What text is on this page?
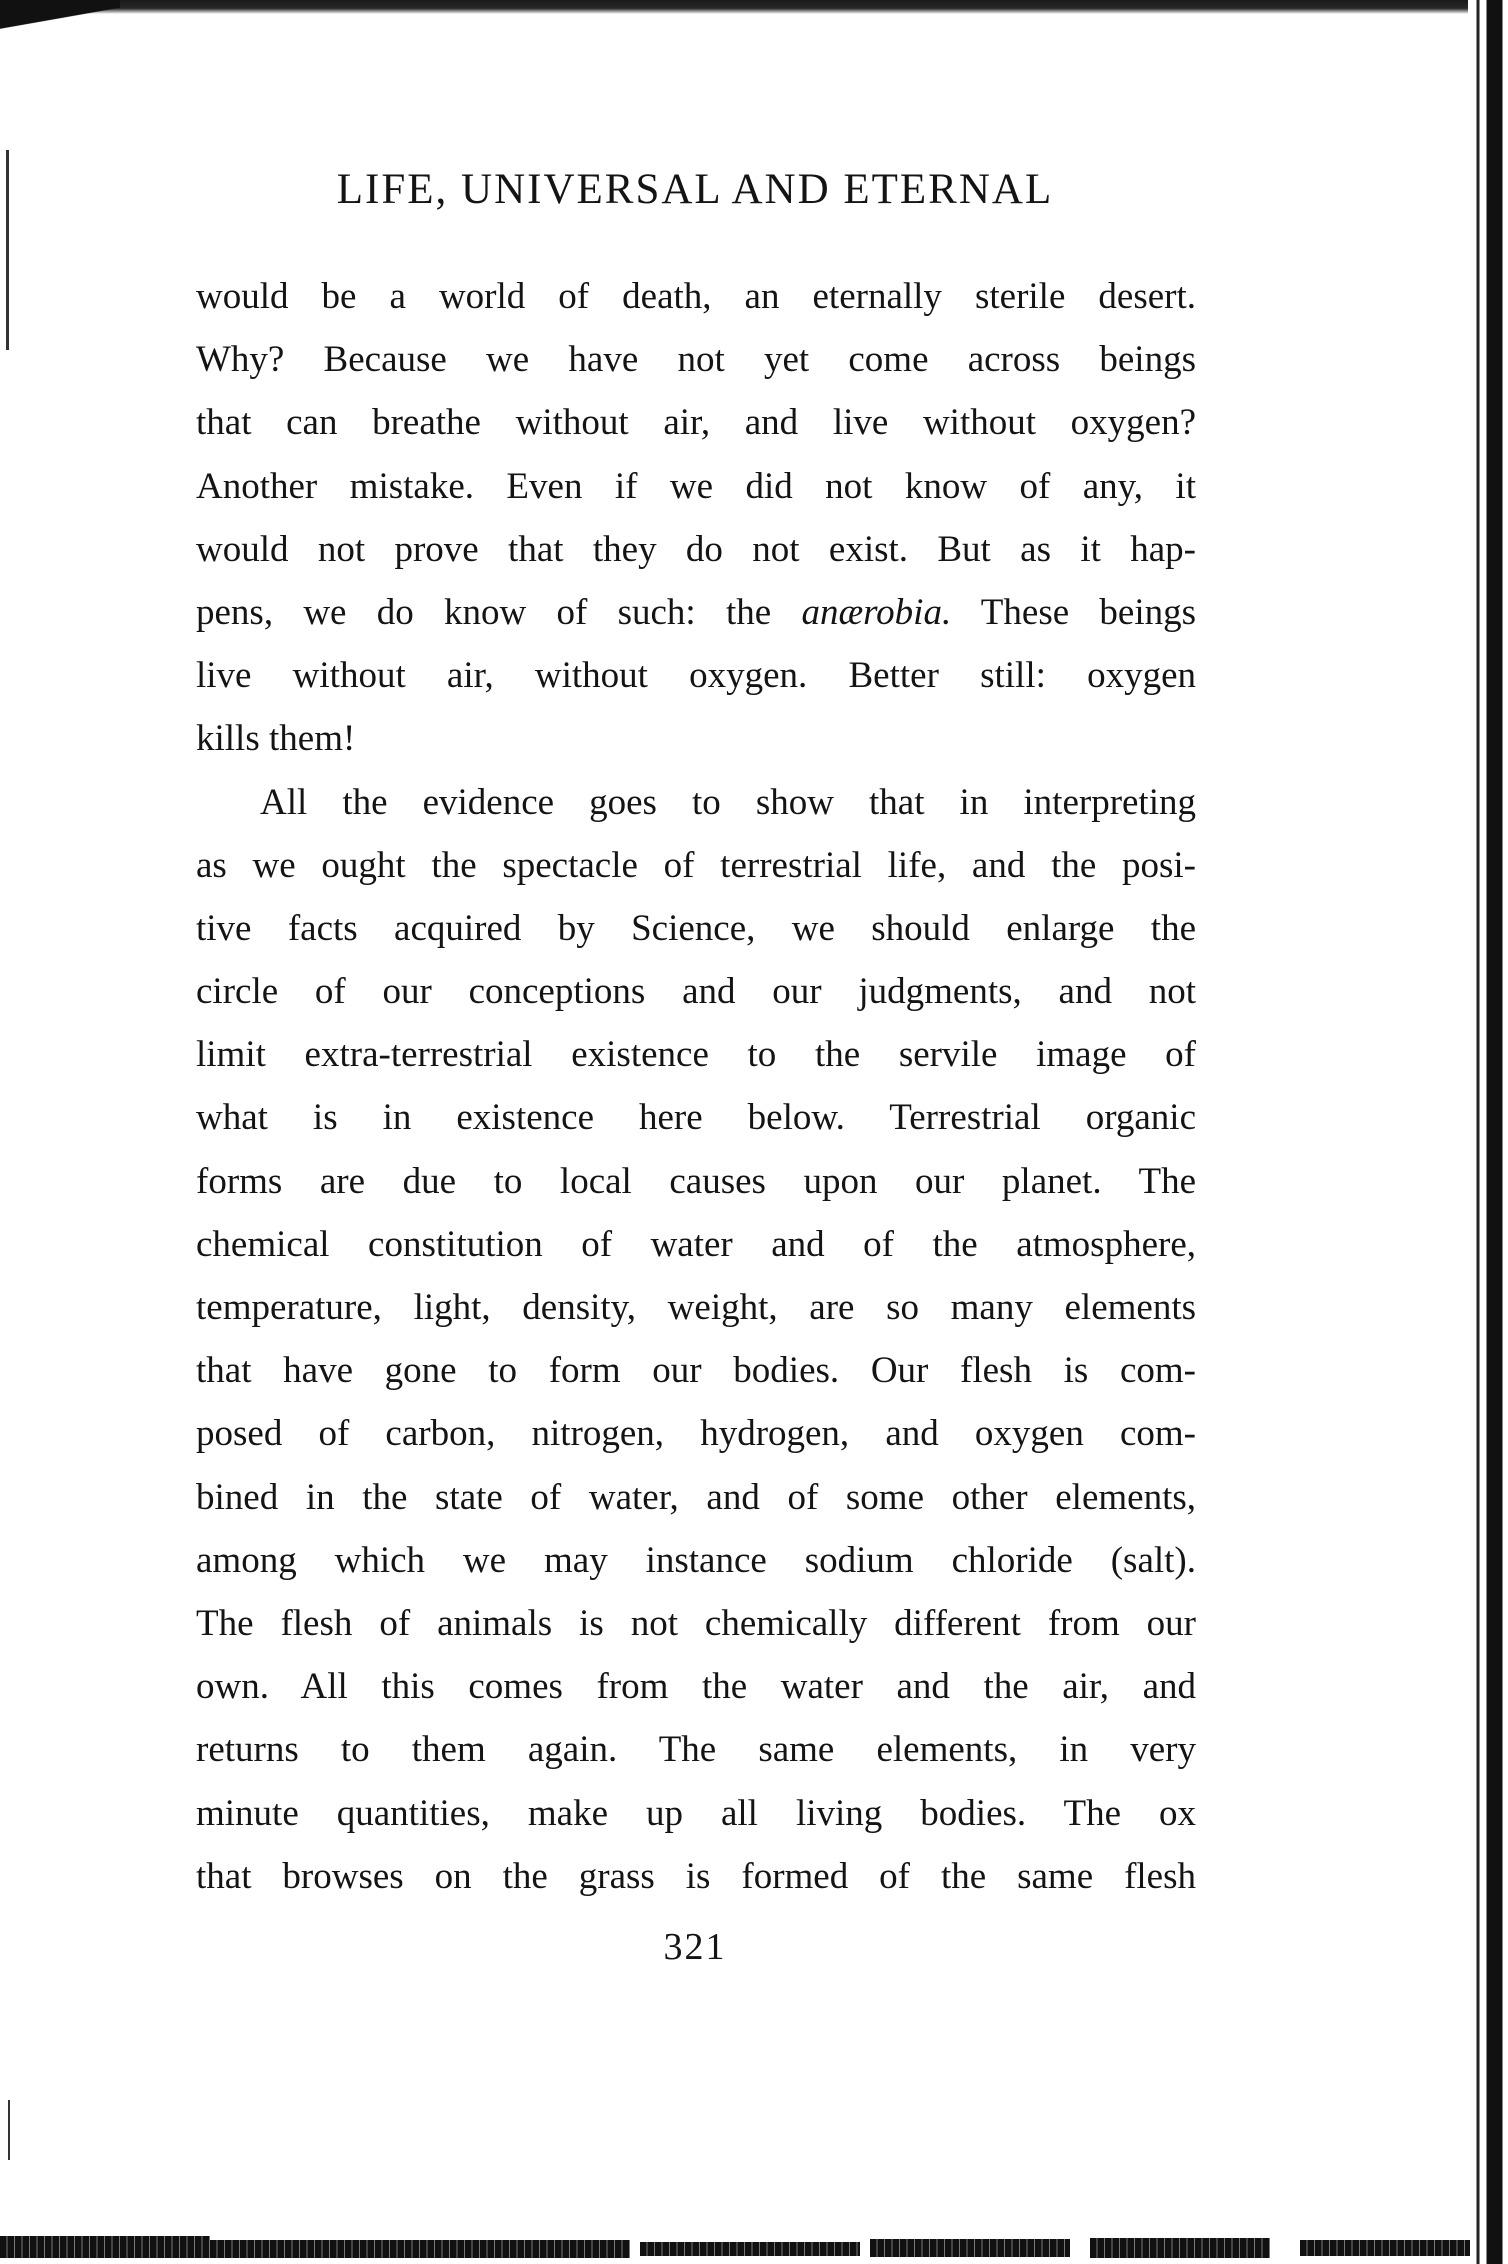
LIFE, UNIVERSAL AND ETERNAL
would be a world of death, an eternally sterile desert.
Why? Because we have not yet come across beings
that can breathe without air, and live without oxygen?
Another mistake. Even if we did not know of any, it
would not prove that they do not exist. But as it hap-
pens, we do know of such: the anærobia. These beings
live without air, without oxygen. Better still: oxygen
kills them!
All the evidence goes to show that in interpreting
as we ought the spectacle of terrestrial life, and the posi-
tive facts acquired by Science, we should enlarge the
circle of our conceptions and our judgments, and not
limit extra-terrestrial existence to the servile image of
what is in existence here below. Terrestrial organic
forms are due to local causes upon our planet. The
chemical constitution of water and of the atmosphere,
temperature, light, density, weight, are so many elements
that have gone to form our bodies. Our flesh is com-
posed of carbon, nitrogen, hydrogen, and oxygen com-
bined in the state of water, and of some other elements,
among which we may instance sodium chloride (salt).
The flesh of animals is not chemically different from our
own. All this comes from the water and the air, and
returns to them again. The same elements, in very
minute quantities, make up all living bodies. The ox
that browses on the grass is formed of the same flesh
321
